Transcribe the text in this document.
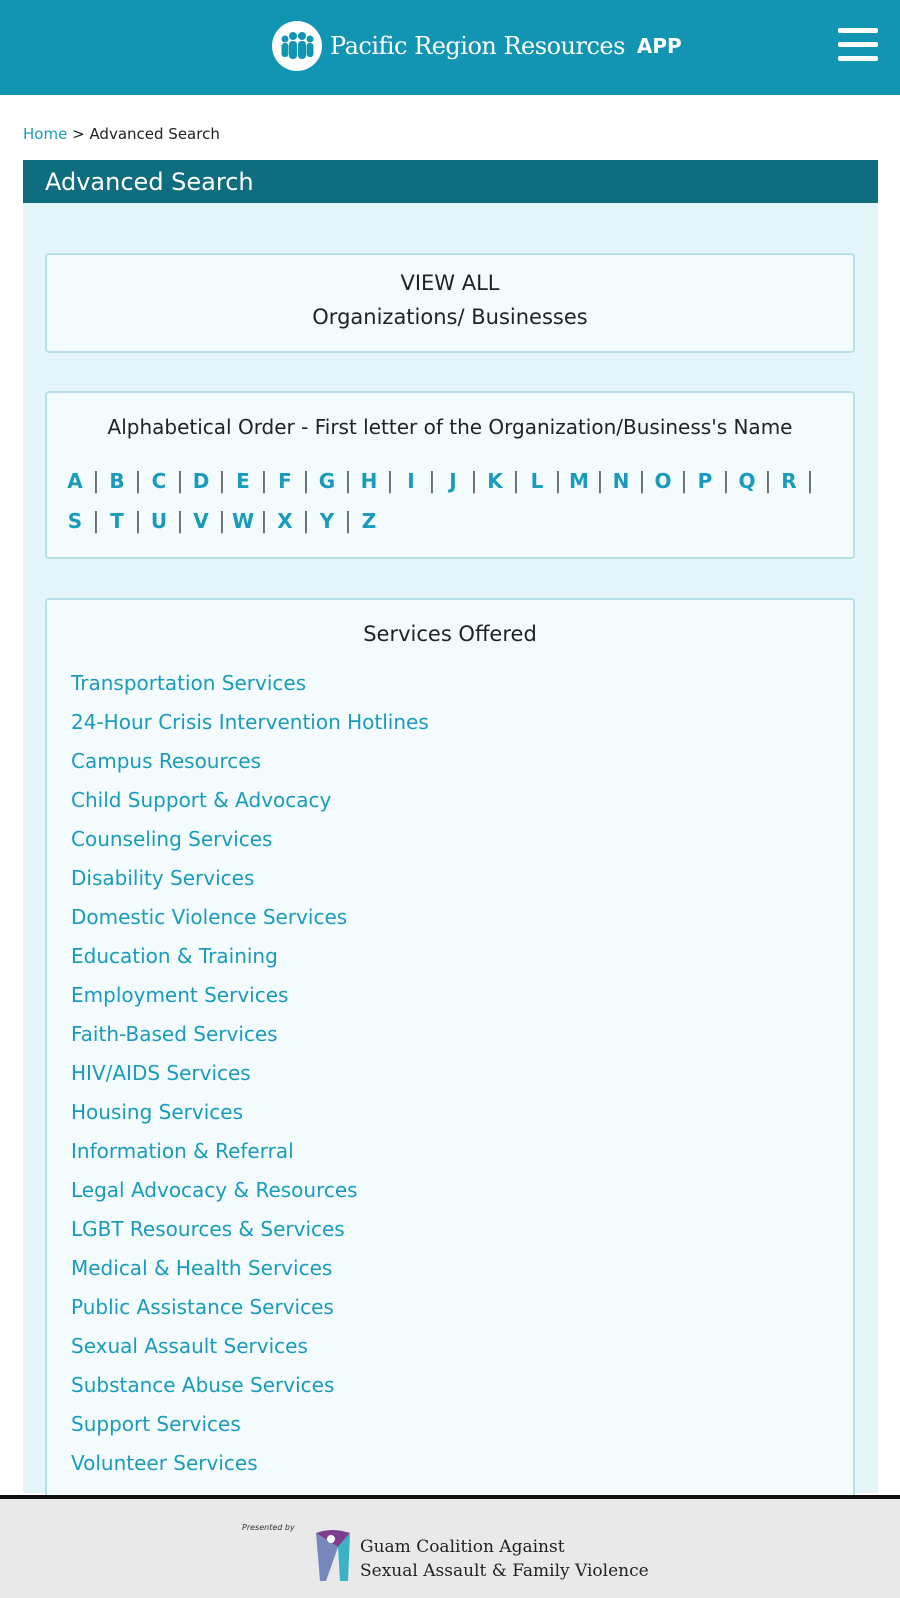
Pacific Region Resources APP
Home > Advanced Search
Advanced Search
VIEW ALL
Organizations/ Businesses
Alphabetical Order - First letter of the Organization/Business's Name
A | B | C | D | E | F | G | H | I | J | K | L | M | N | O | P | Q | R |
S | T | U | V | W | X | Y | Z
Services Offered
Transportation Services
24-Hour Crisis Intervention Hotlines
Campus Resources
Child Support & Advocacy
Counseling Services
Disability Services
Domestic Violence Services
Education & Training
Employment Services
Faith-Based Services
HIV/AIDS Services
Housing Services
Information & Referral
Legal Advocacy & Resources
LGBT Resources & Services
Medical & Health Services
Public Assistance Services
Sexual Assault Services
Substance Abuse Services
Support Services
Volunteer Services
Presented by
Guam Coalition Against
Sexual Assault & Family Violence
